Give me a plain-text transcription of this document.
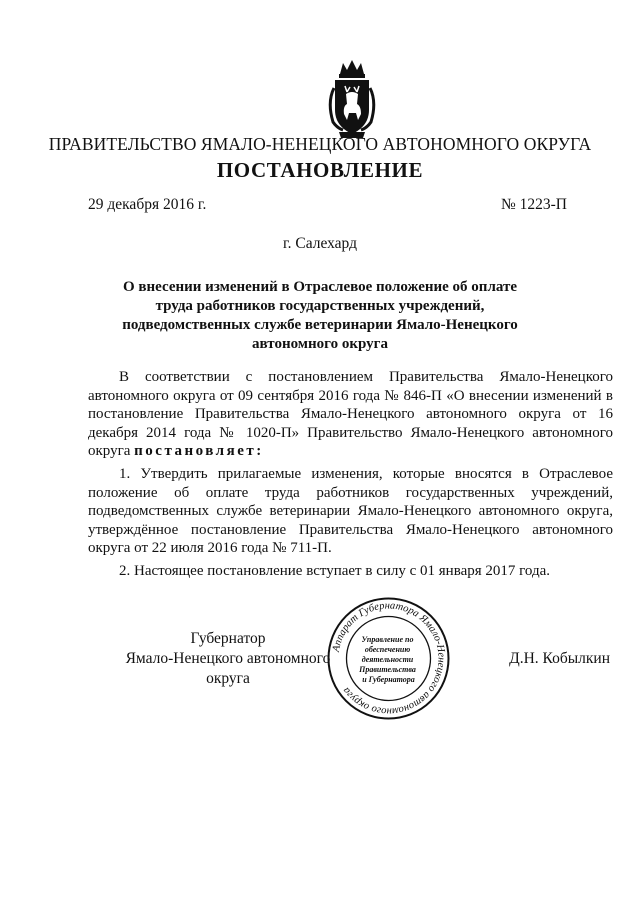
ПРАВИТЕЛЬСТВО ЯМАЛО-НЕНЕЦКОГО АВТОНОМНОГО ОКРУГА
ПОСТАНОВЛЕНИЕ
29 декабря 2016 г.	№ 1223-П
г. Салехард
О внесении изменений в Отраслевое положение об оплате труда работников государственных учреждений, подведомственных службе ветеринарии Ямало-Ненецкого автономного округа
В соответствии с постановлением Правительства Ямало-Ненецкого автономного округа от 09 сентября 2016 года № 846-П «О внесении изменений в постановление Правительства Ямало-Ненецкого автономного округа от 16 декабря 2014 года № 1020-П» Правительство Ямало-Ненецкого автономного округа постановляет:
1. Утвердить прилагаемые изменения, которые вносятся в Отраслевое положение об оплате труда работников государственных учреждений, подведомственных службе ветеринарии Ямало-Ненецкого автономного округа, утверждённое постановление Правительства Ямало-Ненецкого автономного округа от 22 июля 2016 года № 711-П.
2. Настоящее постановление вступает в силу с 01 января 2017 года.
Губернатор
Ямало-Ненецкого автономного округа
Аппарат Губернатора Ямало-Ненецкого автономного округа
Управление по обеспечению деятельности Правительства и Губернатора
Д.Н. Кобылкин
